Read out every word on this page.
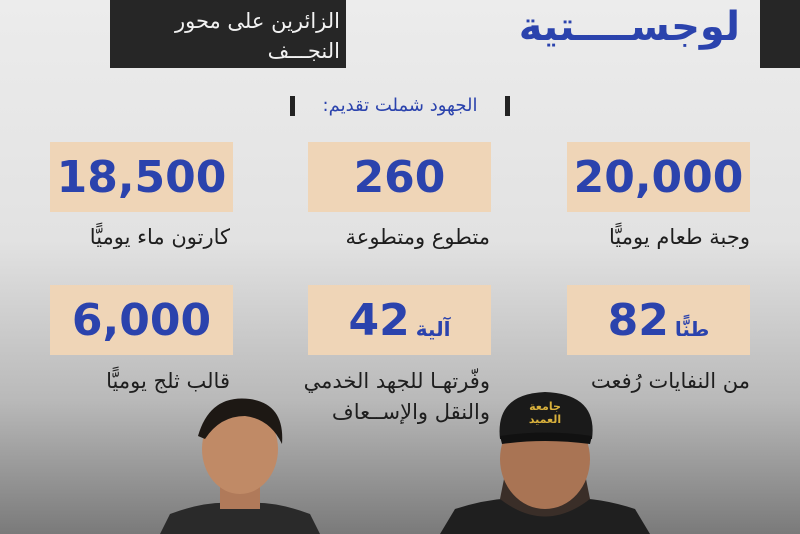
الزائرين على محور
النجـــف
لوجســــتية
الجهود شملت تقديم:
20,000
وجبة طعام يوميًّا
260
متطوع ومتطوعة
18,500
كارتون ماء يوميًّا
82 طنًّا
من النفايات رُفعت
42 آلية
وفّرتهـا للجهد الخدمي والنقل والإســعاف
6,000
قالب ثلج يوميًّا
جامعة العميد
